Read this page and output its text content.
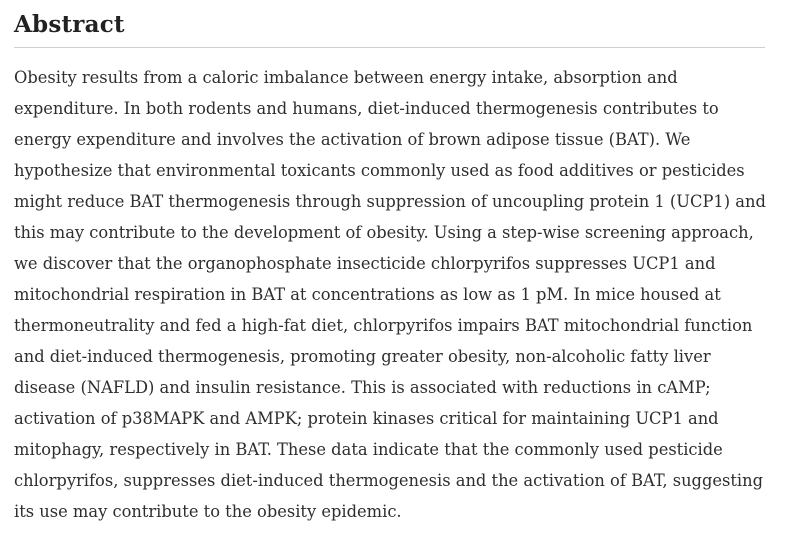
Abstract

Obesity results from a caloric imbalance between energy intake, absorption and
expenditure. In both rodents and humans, diet-induced thermogenesis contributes to
energy expenditure and involves the activation of brown adipose tissue (BAT). We
hypothesize that environmental toxicants commonly used as food additives or pesticides
might reduce BAT thermogenesis through suppression of uncoupling protein 1 (UCP1) and
this may contribute to the development of obesity. Using a step-wise screening approach,
we discover that the organophosphate insecticide chlorpyrifos suppresses UCP1 and
mitochondrial respiration in BAT at concentrations as low as 1 pM. In mice housed at
thermoneutrality and fed a high-fat diet, chlorpyrifos impairs BAT mitochondrial function
and diet-induced thermogenesis, promoting greater obesity, non-alcoholic fatty liver
disease (NAFLD) and insulin resistance. This is associated with reductions in cAMP;
activation of p38MAPK and AMPK; protein kinases critical for maintaining UCP1 and
mitophagy, respectively in BAT. These data indicate that the commonly used pesticide
chlorpyrifos, suppresses diet-induced thermogenesis and the activation of BAT, suggesting
its use may contribute to the obesity epidemic.
